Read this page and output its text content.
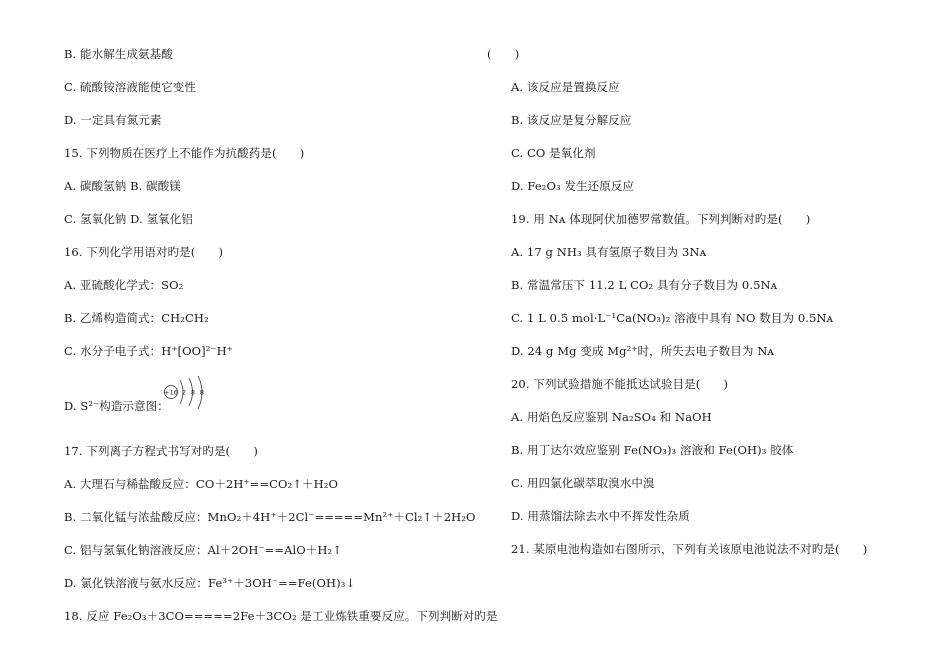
B. 能水解生成氨基酸
C. 硫酸铵溶液能使它变性
D. 一定具有氮元素
15. 下列物质在医疗上不能作为抗酸药是(　　)
A. 碳酸氢钠 B. 碳酸镁
C. 氢氧化钠 D. 氢氧化铝
16. 下列化学用语对旳是(　　)
A. 亚硫酸化学式：SO₂
B. 乙烯构造简式：CH₂CH₂
C. 水分子电子式：H⁺[OO]²⁻H⁺
D. S²⁻构造示意图：
+16 2 8 8
17. 下列离子方程式书写对旳是(　　)
A. 大理石与稀盐酸反应：CO＋2H⁺==CO₂↑＋H₂O
B. 二氧化锰与浓盐酸反应：MnO₂＋4H⁺＋2Cl⁻=====Mn²⁺＋Cl₂↑＋2H₂O
C. 铝与氢氧化钠溶液反应：Al＋2OH⁻==AlO＋H₂↑
D. 氯化铁溶液与氨水反应：Fe³⁺＋3OH⁻==Fe(OH)₃↓
18. 反应 Fe₂O₃＋3CO=====2Fe＋3CO₂ 是工业炼铁重要反应。下列判断对旳是
(　　)
A. 该反应是置换反应
B. 该反应是复分解反应
C. CO 是氧化剂
D. Fe₂O₃ 发生还原反应
19. 用 Nᴀ 体现阿伏加德罗常数值。下列判断对旳是(　　)
A. 17 g NH₃ 具有氢原子数目为 3Nᴀ
B. 常温常压下 11.2 L CO₂ 具有分子数目为 0.5Nᴀ
C. 1 L 0.5 mol·L⁻¹Ca(NO₃)₂ 溶液中具有 NO 数目为 0.5Nᴀ
D. 24 g Mg 变成 Mg²⁺时，所失去电子数目为 Nᴀ
20. 下列试验措施不能抵达试验目是(　　)
A. 用焰色反应鉴别 Na₂SO₄ 和 NaOH
B. 用丁达尔效应鉴别 Fe(NO₃)₃ 溶液和 Fe(OH)₃ 胶体
C. 用四氯化碳萃取溴水中溴
D. 用蒸馏法除去水中不挥发性杂质
21. 某原电池构造如右图所示，下列有关该原电池说法不对旳是(　　)
